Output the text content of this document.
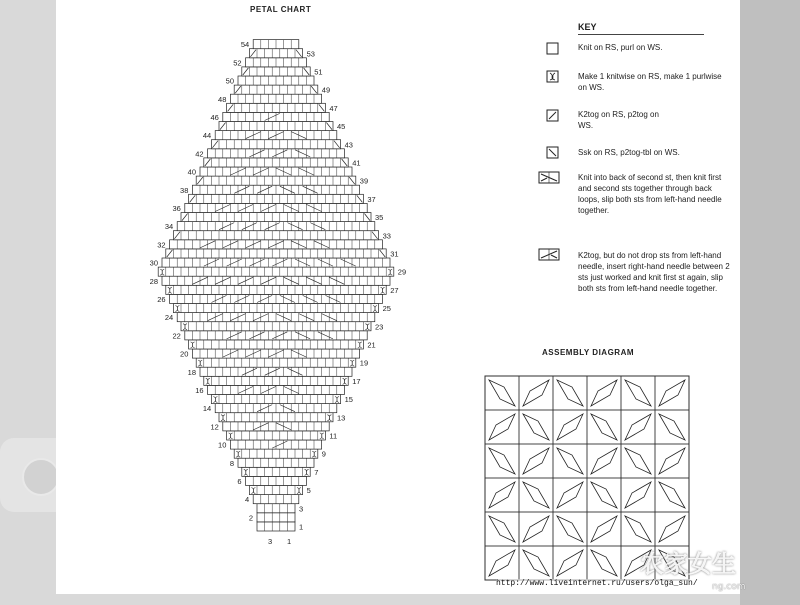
PETAL CHART
1
3
5
7
9
11
13
15
17
19
21
23
25
27
29
31
33
35
37
39
41
43
45
47
49
51
53
2
4
6
8
10
12
14
16
18
20
22
24
26
28
30
32
34
36
38
40
42
44
46
48
50
52
54
3 1
KEY
Knit on RS, purl on WS.
Make 1 knitwise on RS, make 1 purlwise on WS.
K2tog on RS, p2tog on WS.
Ssk on RS, p2tog-tbl on WS.
Knit into back of second st, then knit first and second sts together through back loops, slip both sts from left-hand needle together.
K2tog, but do not drop sts from left-hand needle, insert right-hand needle between 2 sts just worked and knit first st again, slip both sts from left-hand needle together.
ASSEMBLY DIAGRAM
http://www.liveinternet.ru/users/olga_sun/
农家女生
ng.com
